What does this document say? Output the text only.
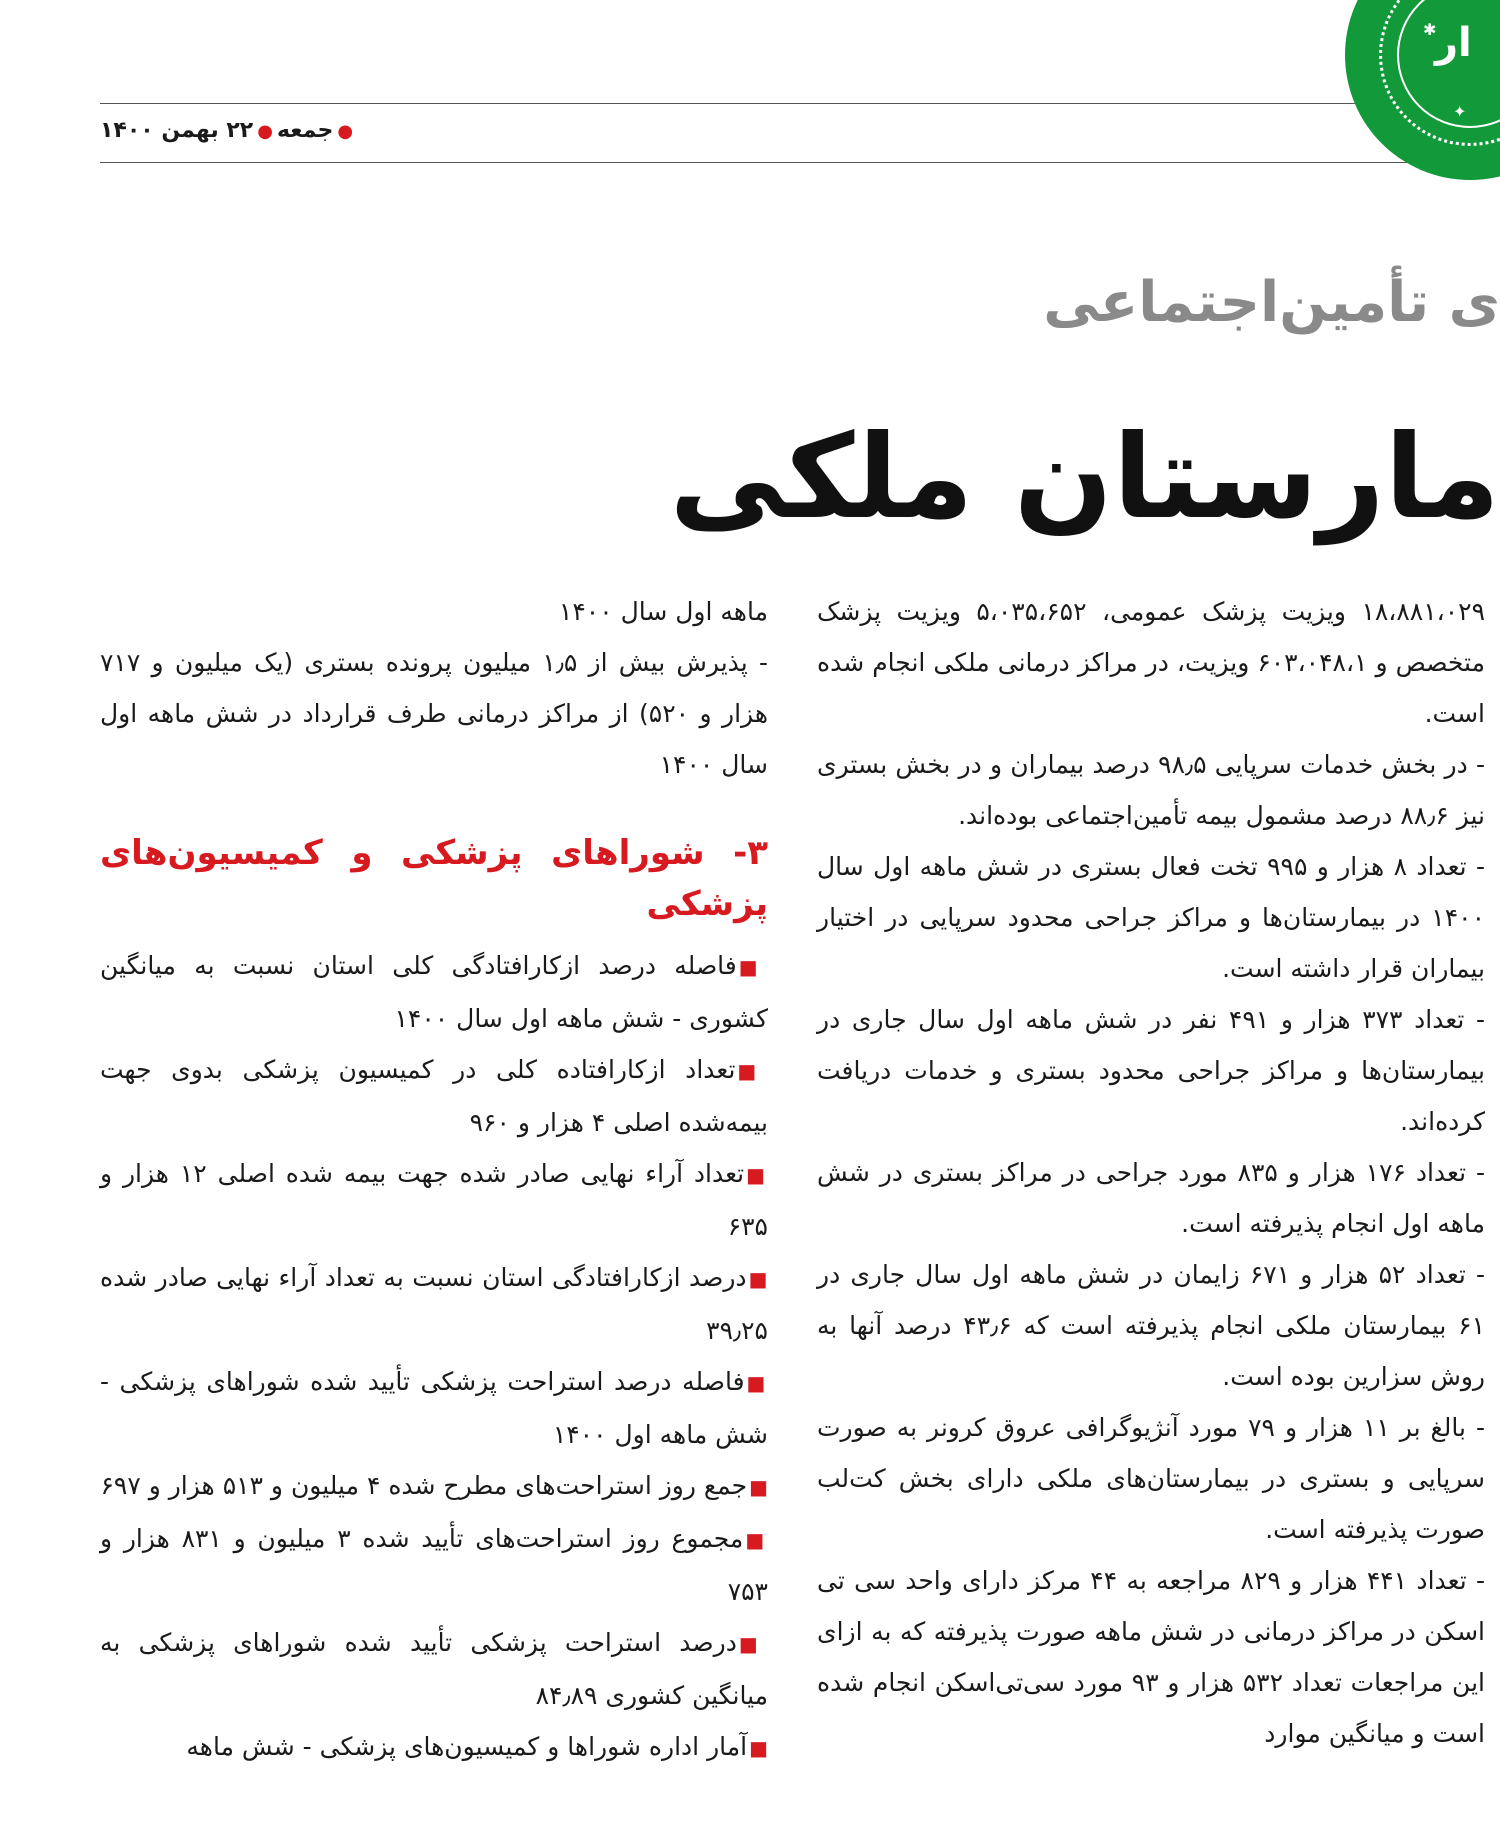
●جمعه●۲۲ بهمن ۱۴۰۰
✱
✦
ار
ی تأمین‌اجتماعی
مارستان ملکی

۱۸،۸۸۱،۰۲۹ ویزیت پزشک عمومی، ۵،۰۳۵،۶۵۲ ویزیت پزشک متخصص و ۶۰۳،۰۴۸،۱ ویزیت، در مراکز درمانی ملکی انجام شده است.

- در بخش خدمات سرپایی ۹۸٫۵ درصد بیماران و در بخش بستری نیز ۸۸٫۶ درصد مشمول بیمه تأمین‌اجتماعی بوده‌اند.

- تعداد ۸ هزار و ۹۹۵ تخت فعال بستری در شش ماهه اول سال ۱۴۰۰ در بیمارستان‌ها و مراکز جراحی محدود سرپایی در اختیار بیماران قرار داشته است.

- تعداد ۳۷۳ هزار و ۴۹۱ نفر در شش ماهه اول سال جاری در بیمارستان‌ها و مراکز جراحی محدود بستری و خدمات دریافت کرده‌اند.

- تعداد ۱۷۶ هزار و ۸۳۵ مورد جراحی در مراکز بستری در شش ماهه اول انجام پذیرفته است.

- تعداد ۵۲ هزار و ۶۷۱ زایمان در شش ماهه اول سال جاری در ۶۱ بیمارستان ملکی انجام پذیرفته است که ۴۳٫۶ درصد آنها به روش سزارین بوده است.

- بالغ بر ۱۱ هزار و ۷۹ مورد آنژیوگرافی عروق کرونر به صورت سرپایی و بستری در بیمارستان‌های ملکی دارای بخش کت‌لب صورت پذیرفته است.

- تعداد ۴۴۱ هزار و ۸۲۹ مراجعه به ۴۴ مرکز دارای واحد سی تی اسکن در مراکز درمانی در شش ماهه صورت پذیرفته که به ازای این مراجعات تعداد ۵۳۲ هزار و ۹۳ مورد سی‌تی‌اسکن انجام شده است و میانگین موارد

ماهه اول سال ۱۴۰۰

- پذیرش بیش از ۱٫۵ میلیون پرونده بستری (یک میلیون و ۷۱۷ هزار و ۵۲۰) از مراکز درمانی طرف قرارداد در شش ماهه اول سال ۱۴۰۰

۳- شوراهای پزشکی و کمیسیون‌های پزشکی

■ فاصله درصد ازکارافتادگی کلی استان نسبت به میانگین کشوری - شش ماهه اول سال ۱۴۰۰

■ تعداد ازکارافتاده کلی در کمیسیون پزشکی بدوی جهت بیمه‌شده اصلی ۴ هزار و ۹۶۰

■ تعداد آراء نهایی صادر شده جهت بیمه شده اصلی ۱۲ هزار و ۶۳۵

■ درصد ازکارافتادگی استان نسبت به تعداد آراء نهایی صادر شده ۳۹٫۲۵

■ فاصله درصد استراحت پزشکی تأیید شده شوراهای پزشکی - شش ماهه اول ۱۴۰۰

■ جمع روز استراحت‌های مطرح شده ۴ میلیون و ۵۱۳ هزار و ۶۹۷

■ مجموع روز استراحت‌های تأیید شده ۳ میلیون و ۸۳۱ هزار و ۷۵۳

■ درصد استراحت پزشکی تأیید شده شوراهای پزشکی به میانگین کشوری ۸۴٫۸۹

■ آمار اداره شوراها و کمیسیون‌های پزشکی - شش ماهه
